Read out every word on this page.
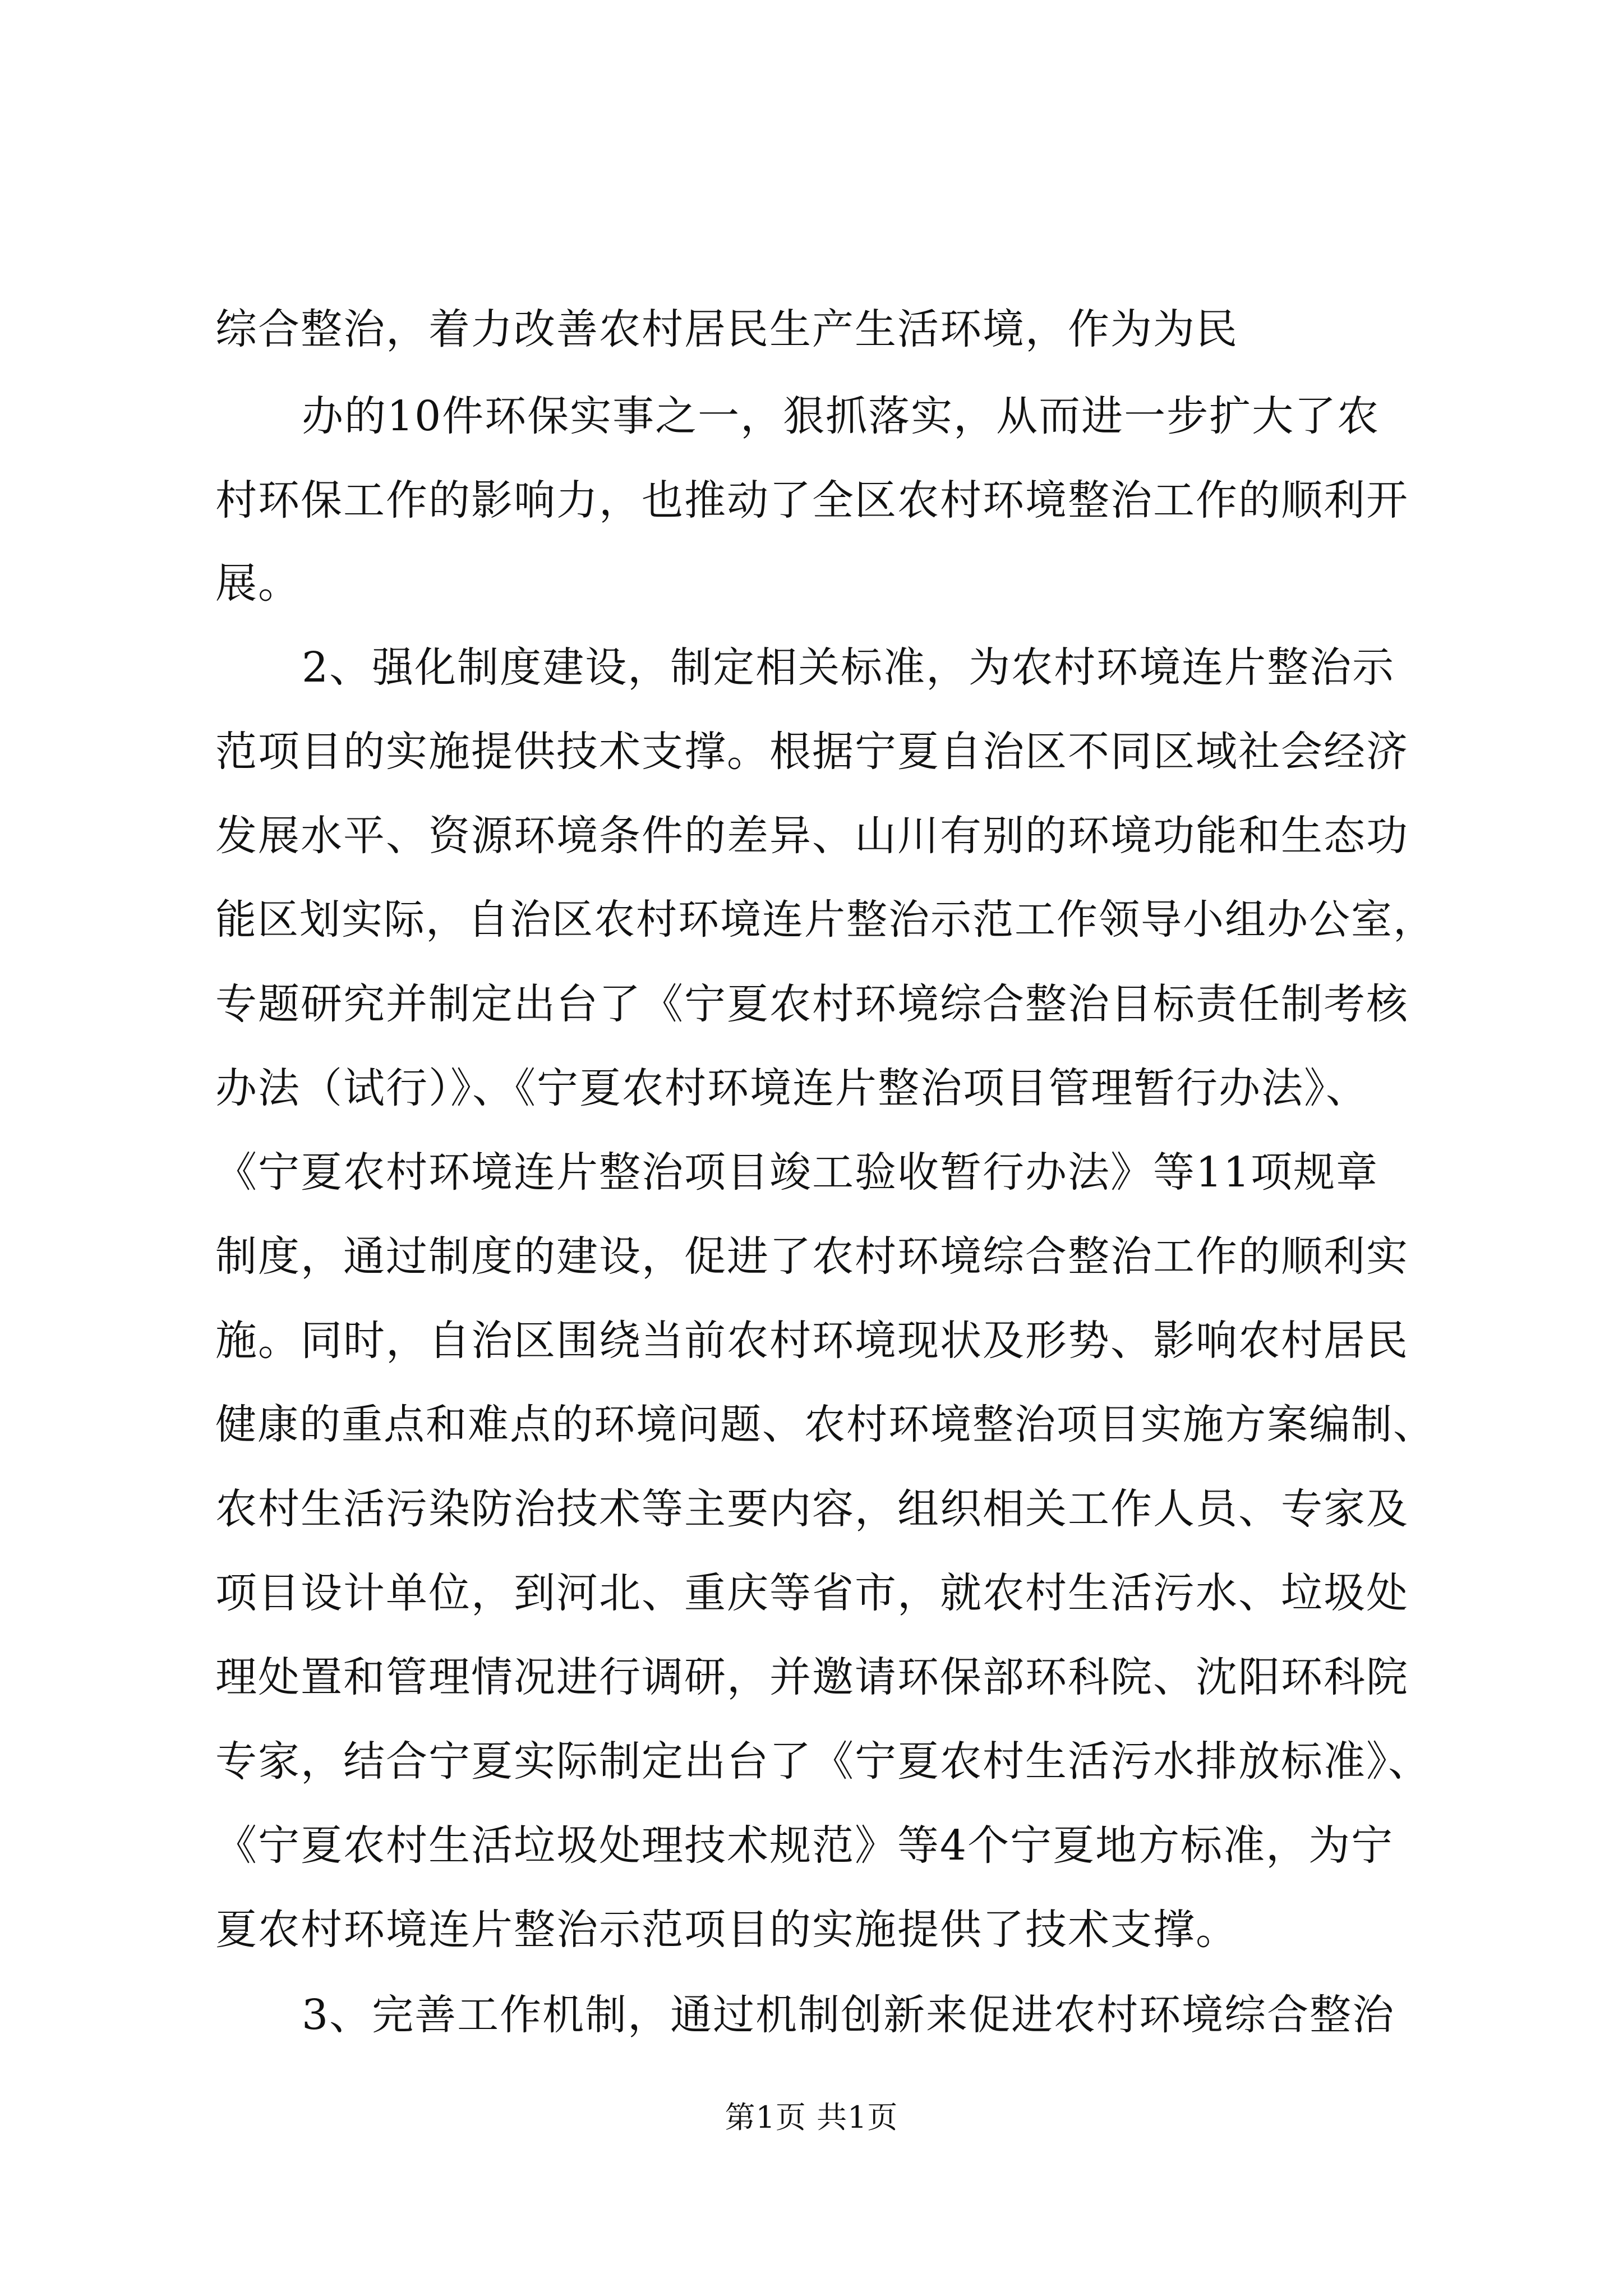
综合整治，着力改善农村居民生产生活环境，作为为民
办的10件环保实事之一，狠抓落实，从而进一步扩大了农
村环保工作的影响力，也推动了全区农村环境整治工作的顺利开
展。
2、强化制度建设，制定相关标准，为农村环境连片整治示
范项目的实施提供技术支撑。根据宁夏自治区不同区域社会经济
发展水平、资源环境条件的差异、山川有别的环境功能和生态功
能区划实际，自治区农村环境连片整治示范工作领导小组办公室，
专题研究并制定出台了《宁夏农村环境综合整治目标责任制考核
办法（试行）》、《宁夏农村环境连片整治项目管理暂行办法》、
《宁夏农村环境连片整治项目竣工验收暂行办法》等11项规章
制度，通过制度的建设，促进了农村环境综合整治工作的顺利实
施。同时，自治区围绕当前农村环境现状及形势、影响农村居民
健康的重点和难点的环境问题、农村环境整治项目实施方案编制、
农村生活污染防治技术等主要内容，组织相关工作人员、专家及
项目设计单位，到河北、重庆等省市，就农村生活污水、垃圾处
理处置和管理情况进行调研，并邀请环保部环科院、沈阳环科院
专家，结合宁夏实际制定出台了《宁夏农村生活污水排放标准》、
《宁夏农村生活垃圾处理技术规范》等4个宁夏地方标准，为宁
夏农村环境连片整治示范项目的实施提供了技术支撑。
3、完善工作机制，通过机制创新来促进农村环境综合整治
第1页 共1页
